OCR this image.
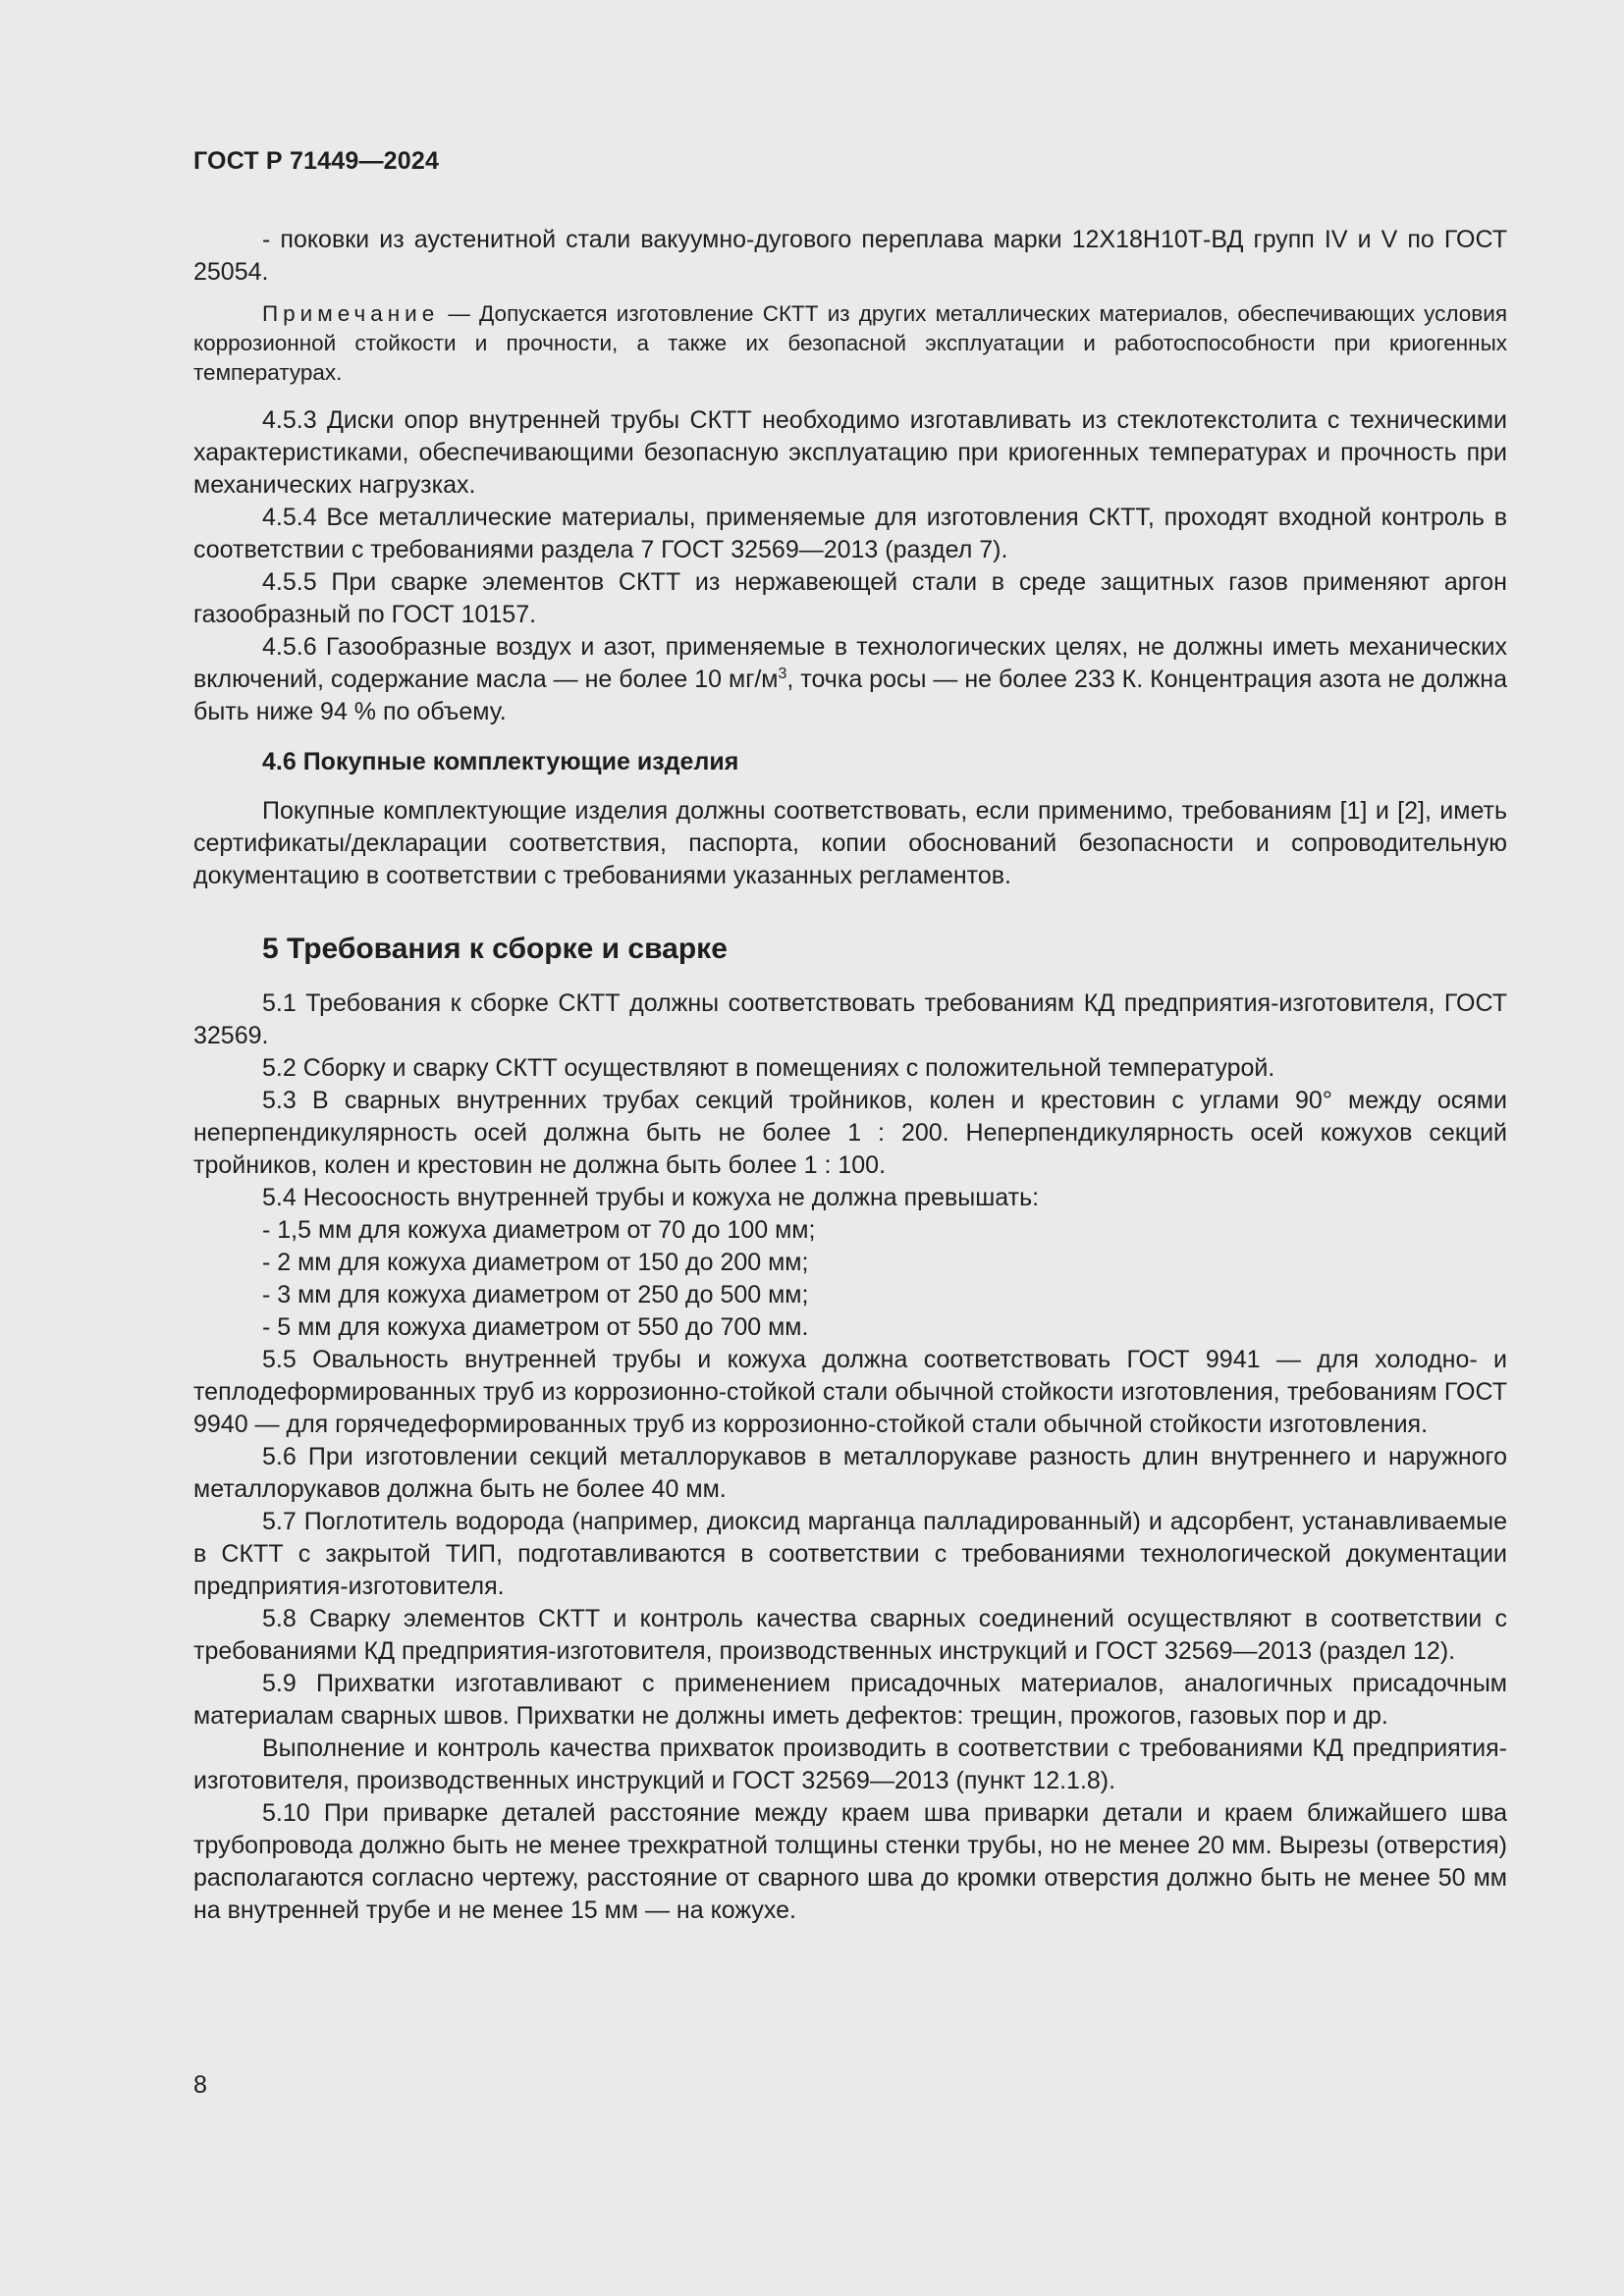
ГОСТ Р 71449—2024

- поковки из аустенитной стали вакуумно-дугового переплава марки 12Х18Н10Т-ВД групп IV и V по ГОСТ 25054.

Примечание — Допускается изготовление СКТТ из других металлических материалов, обеспечивающих условия коррозионной стойкости и прочности, а также их безопасной эксплуатации и работоспособности при криогенных температурах.

4.5.3 Диски опор внутренней трубы СКТТ необходимо изготавливать из стеклотекстолита с техническими характеристиками, обеспечивающими безопасную эксплуатацию при криогенных температурах и прочность при механических нагрузках.

4.5.4 Все металлические материалы, применяемые для изготовления СКТТ, проходят входной контроль в соответствии с требованиями раздела 7 ГОСТ 32569—2013 (раздел 7).

4.5.5 При сварке элементов СКТТ из нержавеющей стали в среде защитных газов применяют аргон газообразный по ГОСТ 10157.

4.5.6 Газообразные воздух и азот, применяемые в технологических целях, не должны иметь механических включений, содержание масла — не более 10 $мг/м^3$, точка росы — не более 233 К. Концентрация азота не должна быть ниже 94 % по объему.

4.6 Покупные комплектующие изделия

Покупные комплектующие изделия должны соответствовать, если применимо, требованиям [1] и [2], иметь сертификаты/декларации соответствия, паспорта, копии обоснований безопасности и сопроводительную документацию в соответствии с требованиями указанных регламентов.

5 Требования к сборке и сварке

5.1 Требования к сборке СКТТ должны соответствовать требованиям КД предприятия-изготовителя, ГОСТ 32569.

5.2 Сборку и сварку СКТТ осуществляют в помещениях с положительной температурой.

5.3 В сварных внутренних трубах секций тройников, колен и крестовин с углами 90° между осями неперпендикулярность осей должна быть не более 1 : 200. Неперпендикулярность осей кожухов секций тройников, колен и крестовин не должна быть более 1 : 100.

5.4 Несоосность внутренней трубы и кожуха не должна превышать:

- 1,5 мм для кожуха диаметром от 70 до 100 мм;

- 2 мм для кожуха диаметром от 150 до 200 мм;

- 3 мм для кожуха диаметром от 250 до 500 мм;

- 5 мм для кожуха диаметром от 550 до 700 мм.

5.5 Овальность внутренней трубы и кожуха должна соответствовать ГОСТ 9941 — для холодно- и теплодеформированных труб из коррозионно-стойкой стали обычной стойкости изготовления, требованиям ГОСТ 9940 — для горячедеформированных труб из коррозионно-стойкой стали обычной стойкости изготовления.

5.6 При изготовлении секций металлорукавов в металлорукаве разность длин внутреннего и наружного металлорукавов должна быть не более 40 мм.

5.7 Поглотитель водорода (например, диоксид марганца палладированный) и адсорбент, устанавливаемые в СКТТ с закрытой ТИП, подготавливаются в соответствии с требованиями технологической документации предприятия-изготовителя.

5.8 Сварку элементов СКТТ и контроль качества сварных соединений осуществляют в соответствии с требованиями КД предприятия-изготовителя, производственных инструкций и ГОСТ 32569—2013 (раздел 12).

5.9 Прихватки изготавливают с применением присадочных материалов, аналогичных присадочным материалам сварных швов. Прихватки не должны иметь дефектов: трещин, прожогов, газовых пор и др.

Выполнение и контроль качества прихваток производить в соответствии с требованиями КД предприятия-изготовителя, производственных инструкций и ГОСТ 32569—2013 (пункт 12.1.8).

5.10 При приварке деталей расстояние между краем шва приварки детали и краем ближайшего шва трубопровода должно быть не менее трехкратной толщины стенки трубы, но не менее 20 мм. Вырезы (отверстия) располагаются согласно чертежу, расстояние от сварного шва до кромки отверстия должно быть не менее 50 мм на внутренней трубе и не менее 15 мм — на кожухе.

8
